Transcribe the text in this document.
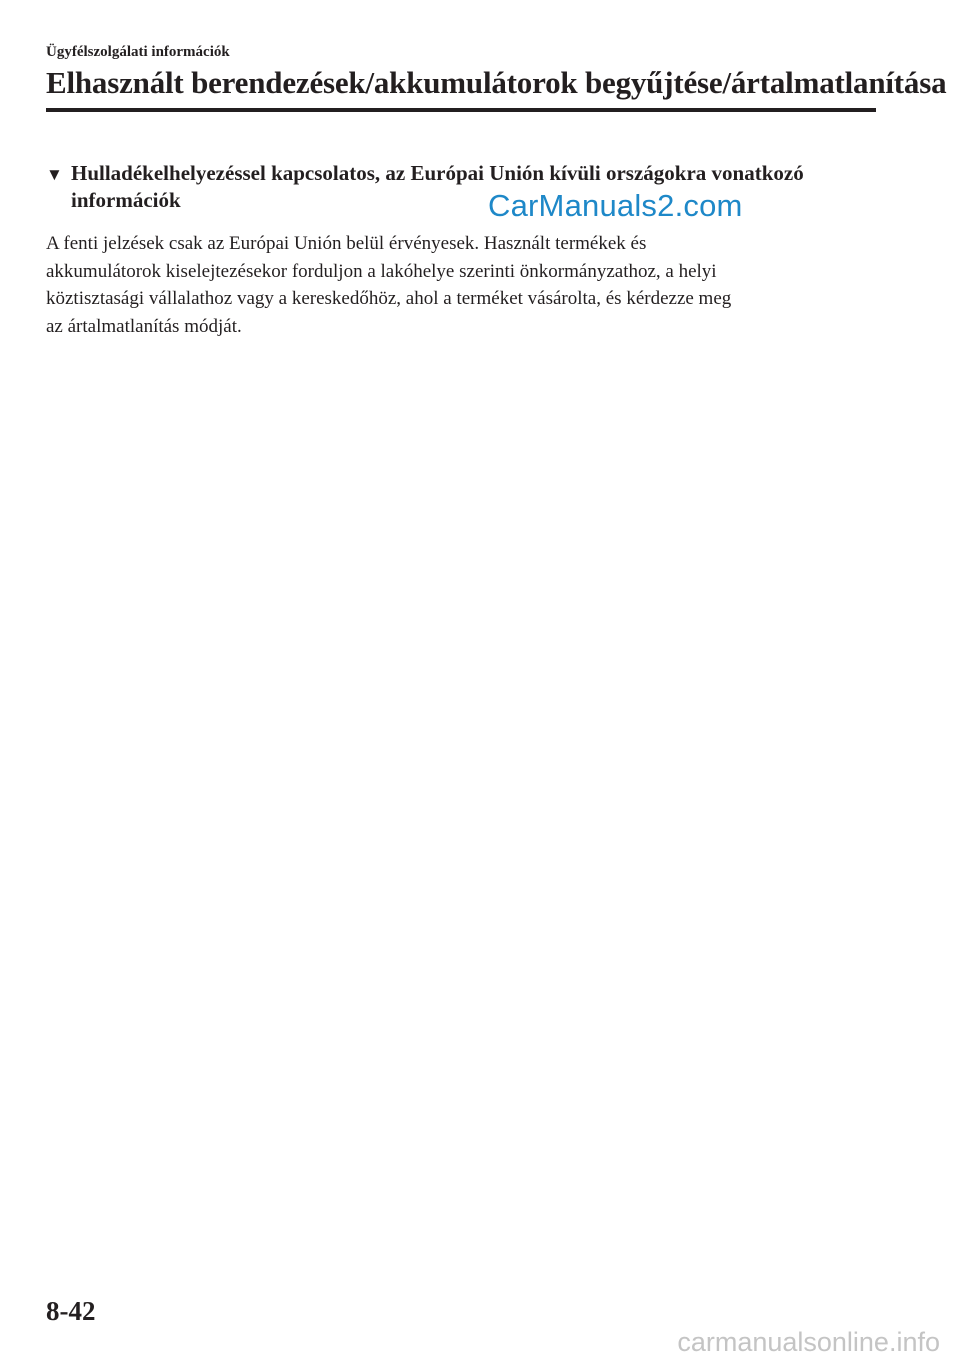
Ügyfélszolgálati információk
Elhasznált berendezések/akkumulátorok begyűjtése/ártalmatlanítása
▼ Hulladékelhelyezéssel kapcsolatos, az Európai Unión kívüli országokra vonatkozó információk	CarManuals2.com
A fenti jelzések csak az Európai Unión belül érvényesek. Használt termékek és
akkumulátorok kiselejtezésekor forduljon a lakóhelye szerinti önkormányzathoz, a helyi
köztisztasági vállalathoz vagy a kereskedőhöz, ahol a terméket vásárolta, és kérdezze meg
az ártalmatlanítás módját.
8-42
carmanualsonline.info
